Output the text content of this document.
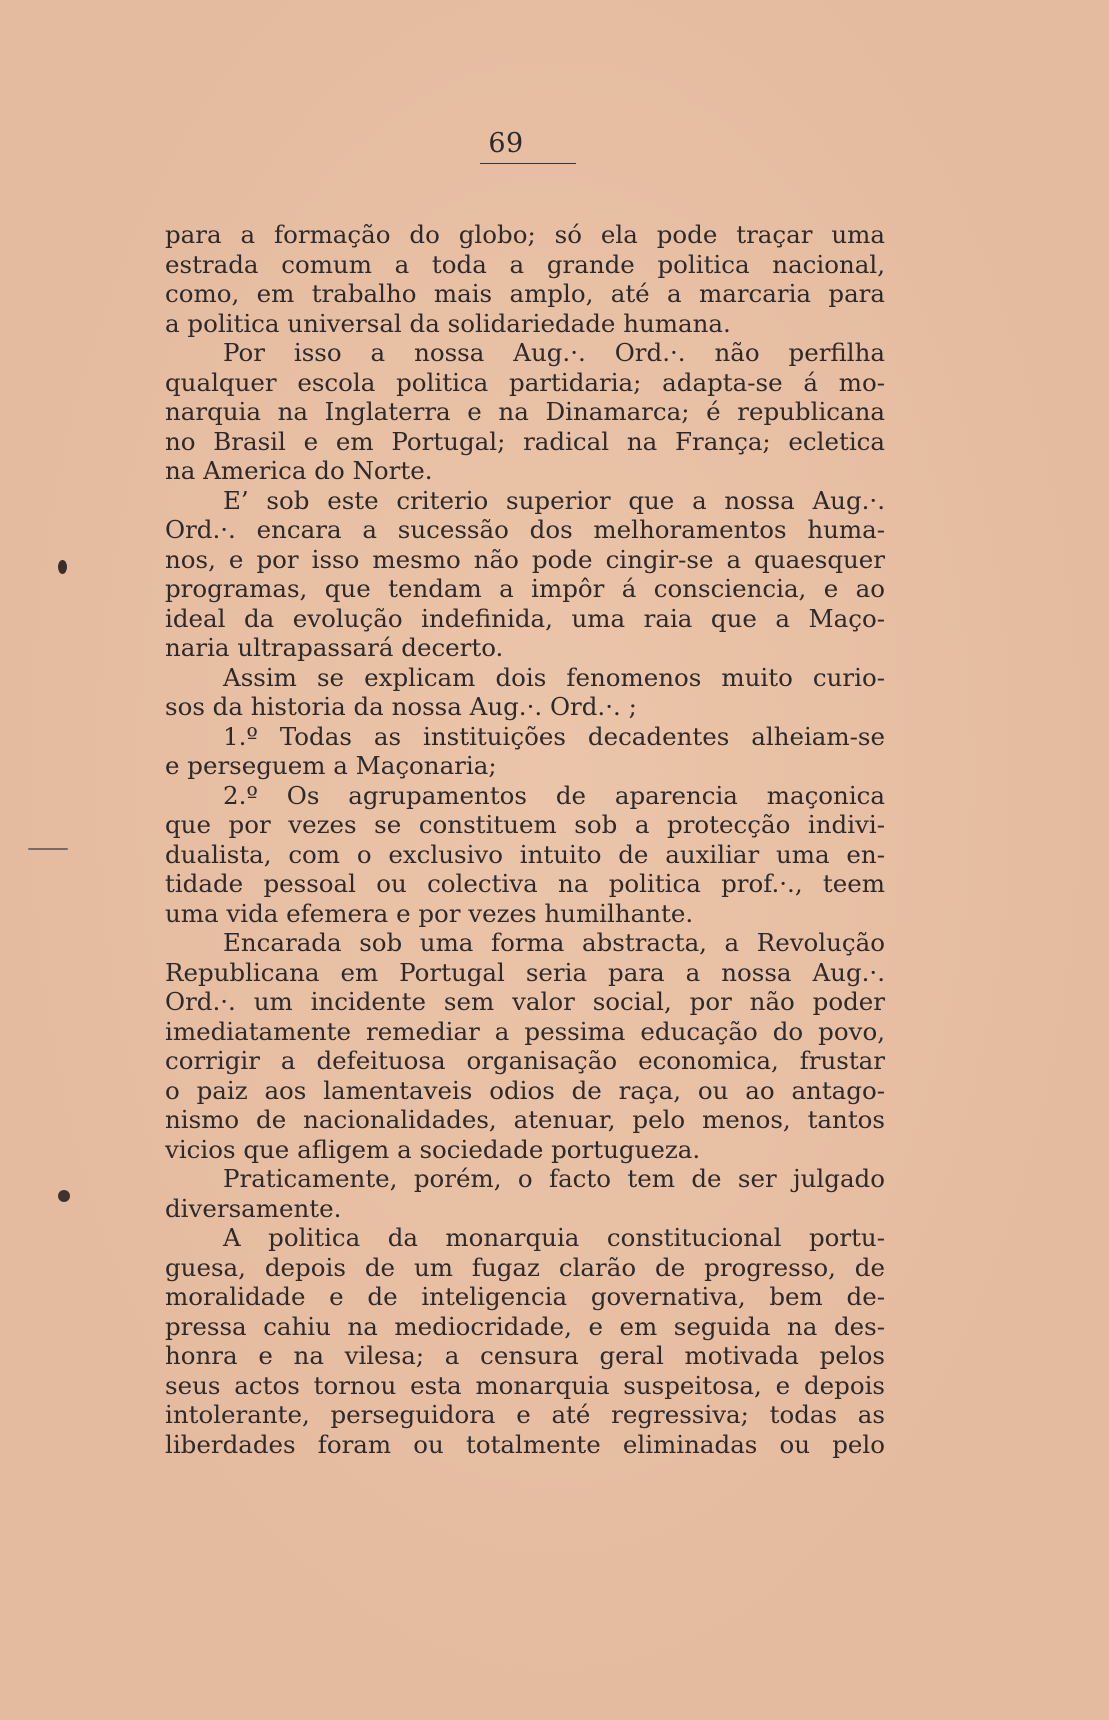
69
para a formação do globo; só ela pode traçar uma
estrada comum a toda a grande politica nacional,
como, em trabalho mais amplo, até a marcaria para
a politica universal da solidariedade humana.
Por isso a nossa Aug.·. Ord.·. não perfilha
qualquer escola politica partidaria; adapta-se á mo-
narquia na Inglaterra e na Dinamarca; é republicana
no Brasil e em Portugal; radical na França; ecletica
na America do Norte.
E’ sob este criterio superior que a nossa Aug.·.
Ord.·. encara a sucessão dos melhoramentos huma-
nos, e por isso mesmo não pode cingir-se a quaesquer
programas, que tendam a impôr á consciencia, e ao
ideal da evolução indefinida, uma raia que a Maço-
naria ultrapassará decerto.
Assim se explicam dois fenomenos muito curio-
sos da historia da nossa Aug.·. Ord.·. ;
1.º Todas as instituições decadentes alheiam-se
e perseguem a Maçonaria;
2.º Os agrupamentos de aparencia maçonica
que por vezes se constituem sob a protecção indivi-
dualista, com o exclusivo intuito de auxiliar uma en-
tidade pessoal ou colectiva na politica prof.·., teem
uma vida efemera e por vezes humilhante.
Encarada sob uma forma abstracta, a Revolução
Republicana em Portugal seria para a nossa Aug.·.
Ord.·. um incidente sem valor social, por não poder
imediatamente remediar a pessima educação do povo,
corrigir a defeituosa organisação economica, frustar
o paiz aos lamentaveis odios de raça, ou ao antago-
nismo de nacionalidades, atenuar, pelo menos, tantos
vicios que afligem a sociedade portugueza.
Praticamente, porém, o facto tem de ser julgado
diversamente.
A politica da monarquia constitucional portu-
guesa, depois de um fugaz clarão de progresso, de
moralidade e de inteligencia governativa, bem de-
pressa cahiu na mediocridade, e em seguida na des-
honra e na vilesa; a censura geral motivada pelos
seus actos tornou esta monarquia suspeitosa, e depois
intolerante, perseguidora e até regressiva; todas as
liberdades foram ou totalmente eliminadas ou pelo
